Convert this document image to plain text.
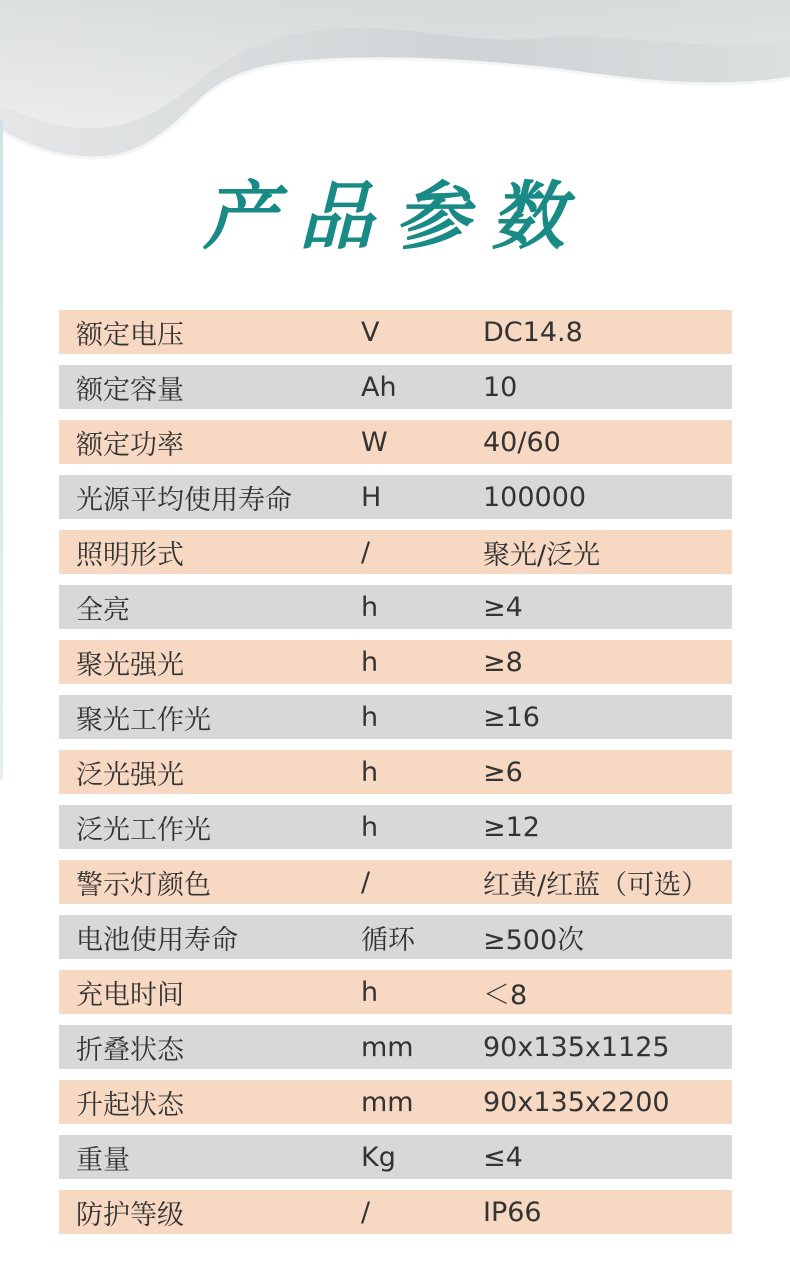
产品参数
额定电压	V	DC14.8
额定容量	Ah	10
额定功率	W	40/60
光源平均使用寿命	H	100000
照明形式	/	聚光/泛光
全亮	h	≥4
聚光强光	h	≥8
聚光工作光	h	≥16
泛光强光	h	≥6
泛光工作光	h	≥12
警示灯颜色	/	红黄/红蓝（可选）
电池使用寿命	循环	≥500次
充电时间	h	＜8
折叠状态	mm	90x135x1125
升起状态	mm	90x135x2200
重量	Kg	≤4
防护等级	/	IP66
